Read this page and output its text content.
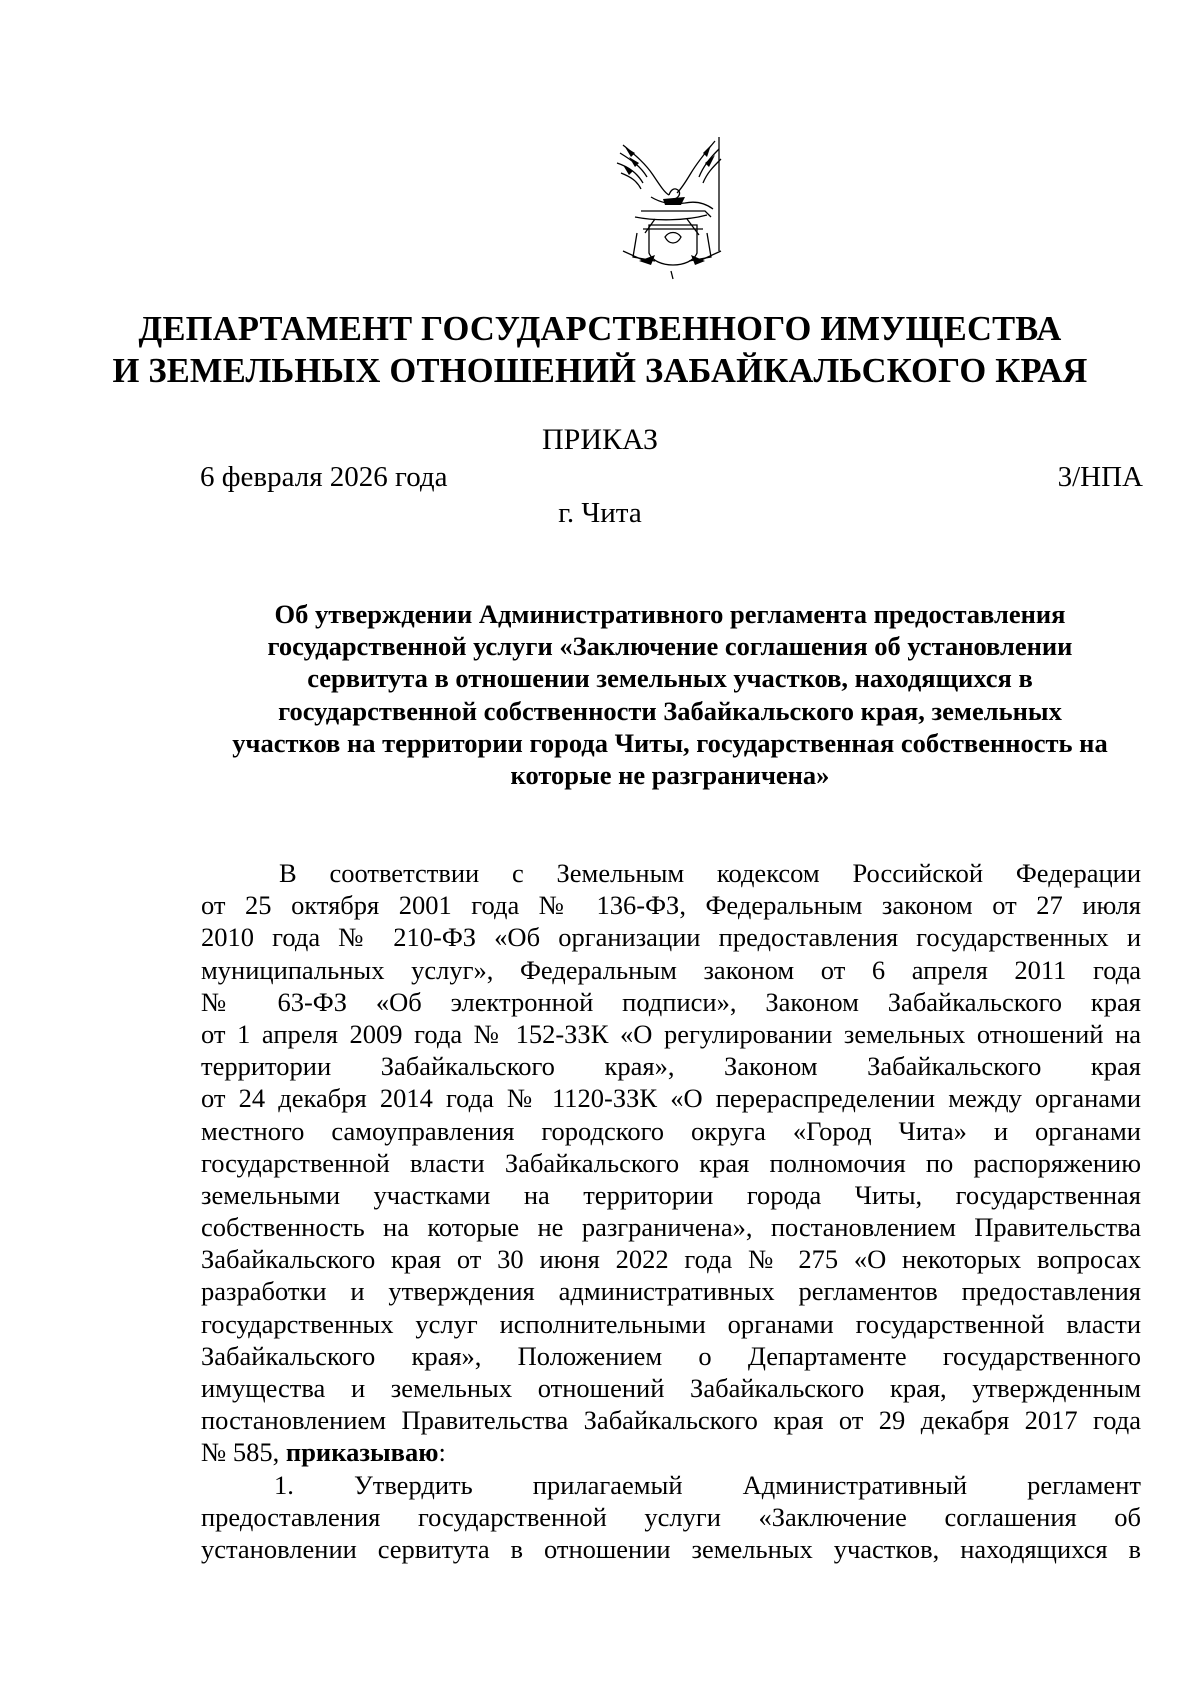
ДЕПАРТАМЕНТ ГОСУДАРСТВЕННОГО ИМУЩЕСТВА
И ЗЕМЕЛЬНЫХ ОТНОШЕНИЙ ЗАБАЙКАЛЬСКОГО КРАЯ
ПРИКАЗ
6 февраля 2026 года	3/НПА
г. Чита
Об утверждении Административного регламента предоставления
государственной услуги «Заключение соглашения об установлении
сервитута в отношении земельных участков, находящихся в
государственной собственности Забайкальского края, земельных
участков на территории города Читы, государственная собственность на
которые не разграничена»
В соответствии с Земельным кодексом Российской Федерации
от 25 октября 2001 года № 136-ФЗ, Федеральным законом от 27 июля
2010 года № 210-ФЗ «Об организации предоставления государственных и
муниципальных услуг», Федеральным законом от 6 апреля 2011 года
№ 63-ФЗ «Об электронной подписи», Законом Забайкальского края
от 1 апреля 2009 года № 152-ЗЗК «О регулировании земельных отношений на
территории Забайкальского края», Законом Забайкальского края
от 24 декабря 2014 года № 1120-ЗЗК «О перераспределении между органами
местного самоуправления городского округа «Город Чита» и органами
государственной власти Забайкальского края полномочия по распоряжению
земельными участками на территории города Читы, государственная
собственность на которые не разграничена», постановлением Правительства
Забайкальского края от 30 июня 2022 года № 275 «О некоторых вопросах
разработки и утверждения административных регламентов предоставления
государственных услуг исполнительными органами государственной власти
Забайкальского края», Положением о Департаменте государственного
имущества и земельных отношений Забайкальского края, утвержденным
постановлением Правительства Забайкальского края от 29 декабря 2017 года
№ 585, приказываю:
1. Утвердить прилагаемый Административный регламент
предоставления государственной услуги «Заключение соглашения об
установлении сервитута в отношении земельных участков, находящихся в
